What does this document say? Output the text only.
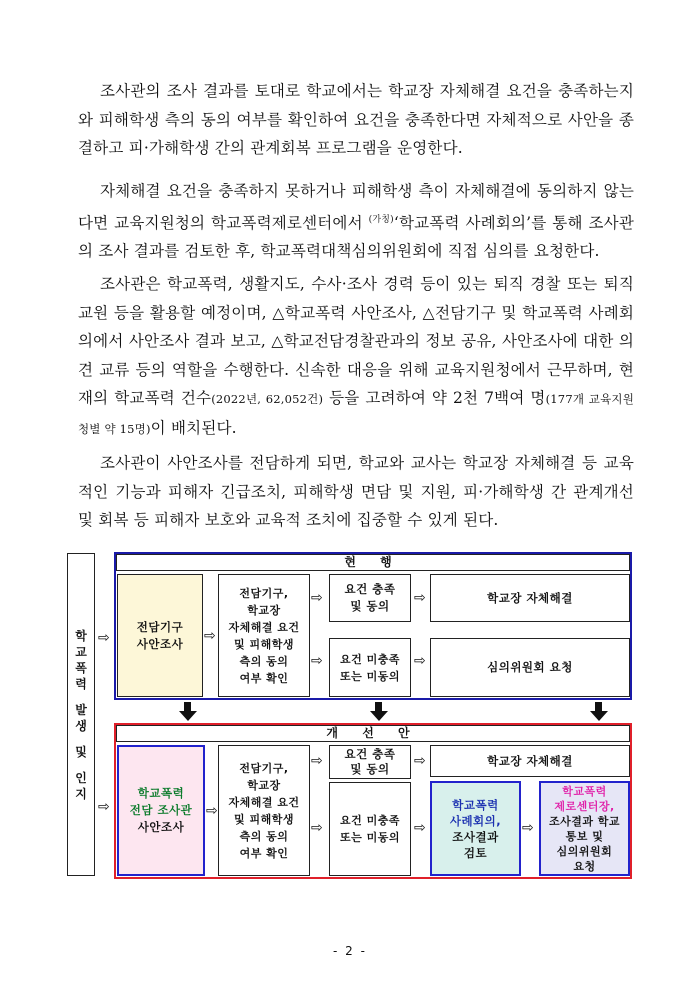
조사관의 조사 결과를 토대로 학교에서는 학교장 자체해결 요건을 충족하는지와 피해학생 측의 동의 여부를 확인하여 요건을 충족한다면 자체적으로 사안을 종결하고 피·가해학생 간의 관계회복 프로그램을 운영한다.
자체해결 요건을 충족하지 못하거나 피해학생 측이 자체해결에 동의하지 않는다면 교육지원청의 학교폭력제로센터에서 $^{(가칭)}$‘학교폭력 사례회의’를 통해 조사관의 조사 결과를 검토한 후, 학교폭력대책심의위원회에 직접 심의를 요청한다.
조사관은 학교폭력, 생활지도, 수사·조사 경력 등이 있는 퇴직 경찰 또는 퇴직 교원 등을 활용할 예정이며, △학교폭력 사안조사, △전담기구 및 학교폭력 사례회의에서 사안조사 결과 보고, △학교전담경찰관과의 정보 공유, 사안조사에 대한 의견 교류 등의 역할을 수행한다. 신속한 대응을 위해 교육지원청에서 근무하며, 현재의 학교폭력 건수(2022년, 62,052건) 등을 고려하여 약 2천 7백여 명(177개 교육지원청별 약 15명)이 배치된다.
조사관이 사안조사를 전담하게 되면, 학교와 교사는 학교장 자체해결 등 교육적인 기능과 피해자 긴급조치, 피해학생 면담 및 지원, 피·가해학생 간 관계개선 및 회복 등 피해자 보호와 교육적 조치에 집중할 수 있게 된다.
학
교
폭
력

발
생

및

인
지
⇨
⇨
현 행
전담기구
사안조사	⇨
전담기구,
학교장
자체해결 요건
및 피해학생
측의 동의
여부 확인
⇨
⇨
요건 충족
및 동의
요건 미충족
또는 미동의
⇨
⇨
학교장 자체해결
심의위원회 요청
개 선 안
학교폭력
전담 조사관
사안조사
⇨
전담기구,
학교장
자체해결 요건
및 피해학생
측의 동의
여부 확인
⇨
⇨
요건 충족
및 동의
요건 미충족
또는 미동의
⇨
⇨
학교장 자체해결
학교폭력
사례회의,
조사결과
검토
⇨
학교폭력
제로센터장,
조사결과 학교
통보 및
심의위원회
요청
- 2 -
